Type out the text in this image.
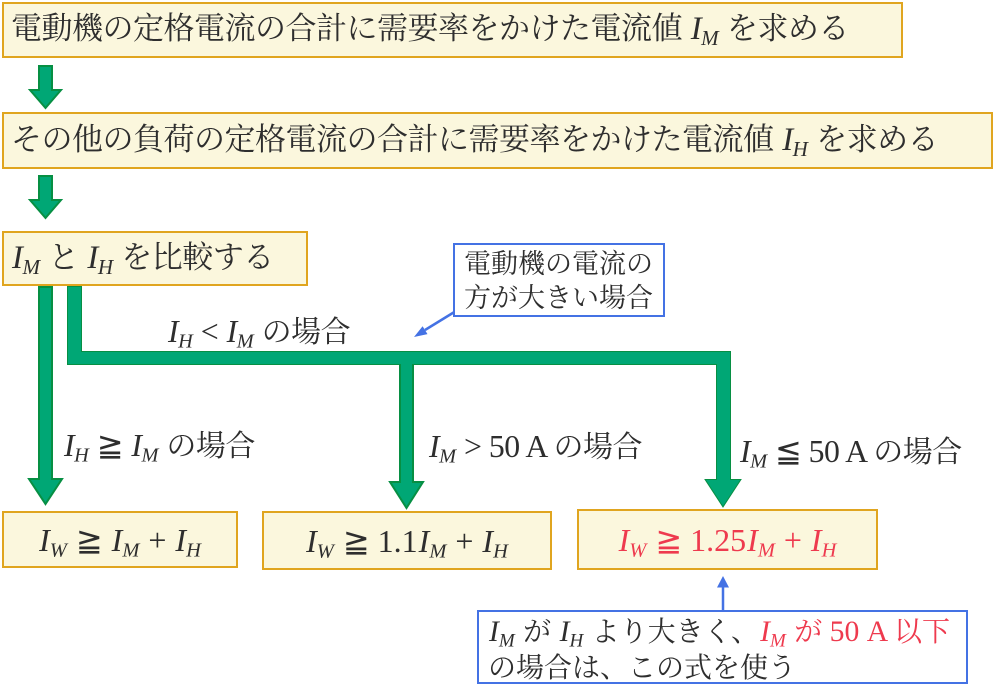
電動機の定格電流の合計に需要率をかけた電流値 $I_M$ を求める
その他の負荷の定格電流の合計に需要率をかけた電流値 $I_H$ を求める
$I_M$ と $I_H$ を比較する
$I_H < I_M$ の場合
$I_H$ ≧ $I_M$ の場合	$I_M > 50$ A の場合	$I_M$ ≦ 50 A の場合
$I_W$ ≧ $I_M + I_H$	$I_W$ ≧ $1.1I_M + I_H$	$I_W$ ≧ $1.25I_M + I_H$
電動機の電流の
方が大きい場合
$I_M$ が $I_H$ より大きく、$I_M$ が 50 A 以下
の場合は、この式を使う
